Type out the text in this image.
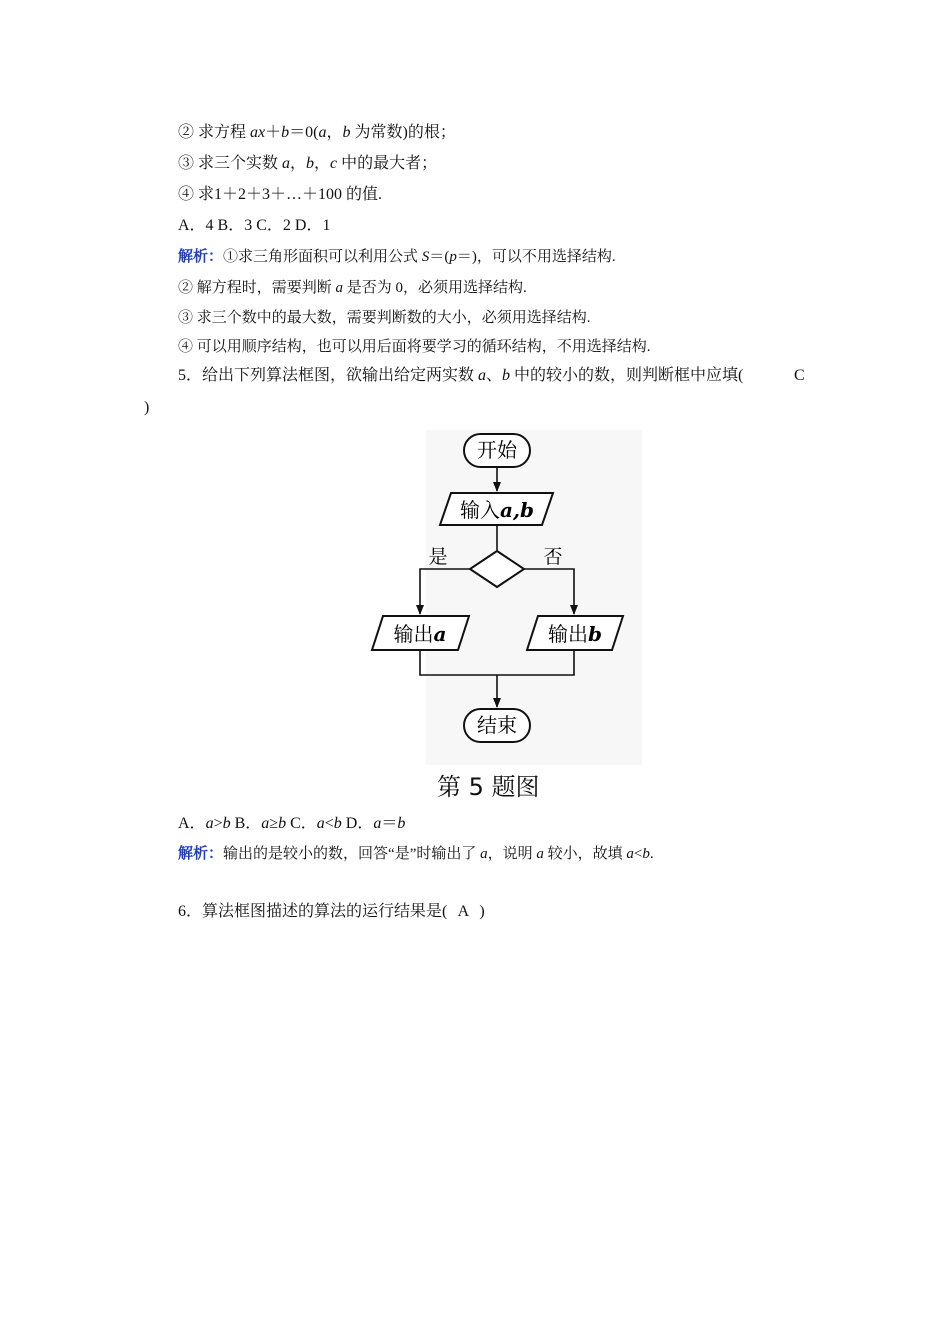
② 求方程 ax＋b＝0(a，b 为常数)的根；
③ 求三个实数 a，b，c 中的最大者；
④ 求1＋2＋3＋…＋100 的值.
A．4 B．3 C．2 D．1
解析：①求三角形面积可以利用公式 S＝(p＝)，可以不用选择结构.
② 解方程时，需要判断 a 是否为 0，必须用选择结构.
③ 求三个数中的最大数，需要判断数的大小，必须用选择结构.
④ 可以用顺序结构，也可以用后面将要学习的循环结构，不用选择结构.
5．给出下列算法框图，欲输出给定两实数 a、b 中的较小的数，则判断框中应填(	C
)
开始
输入a,b
是	否
输出a	输出b
结束
第 5 题图
A．a>b B．a≥b C．a<b D．a＝b
解析：输出的是较小的数，回答“是”时输出了 a，说明 a 较小，故填 a<b.
6．算法框图描述的算法的运行结果是( A )
